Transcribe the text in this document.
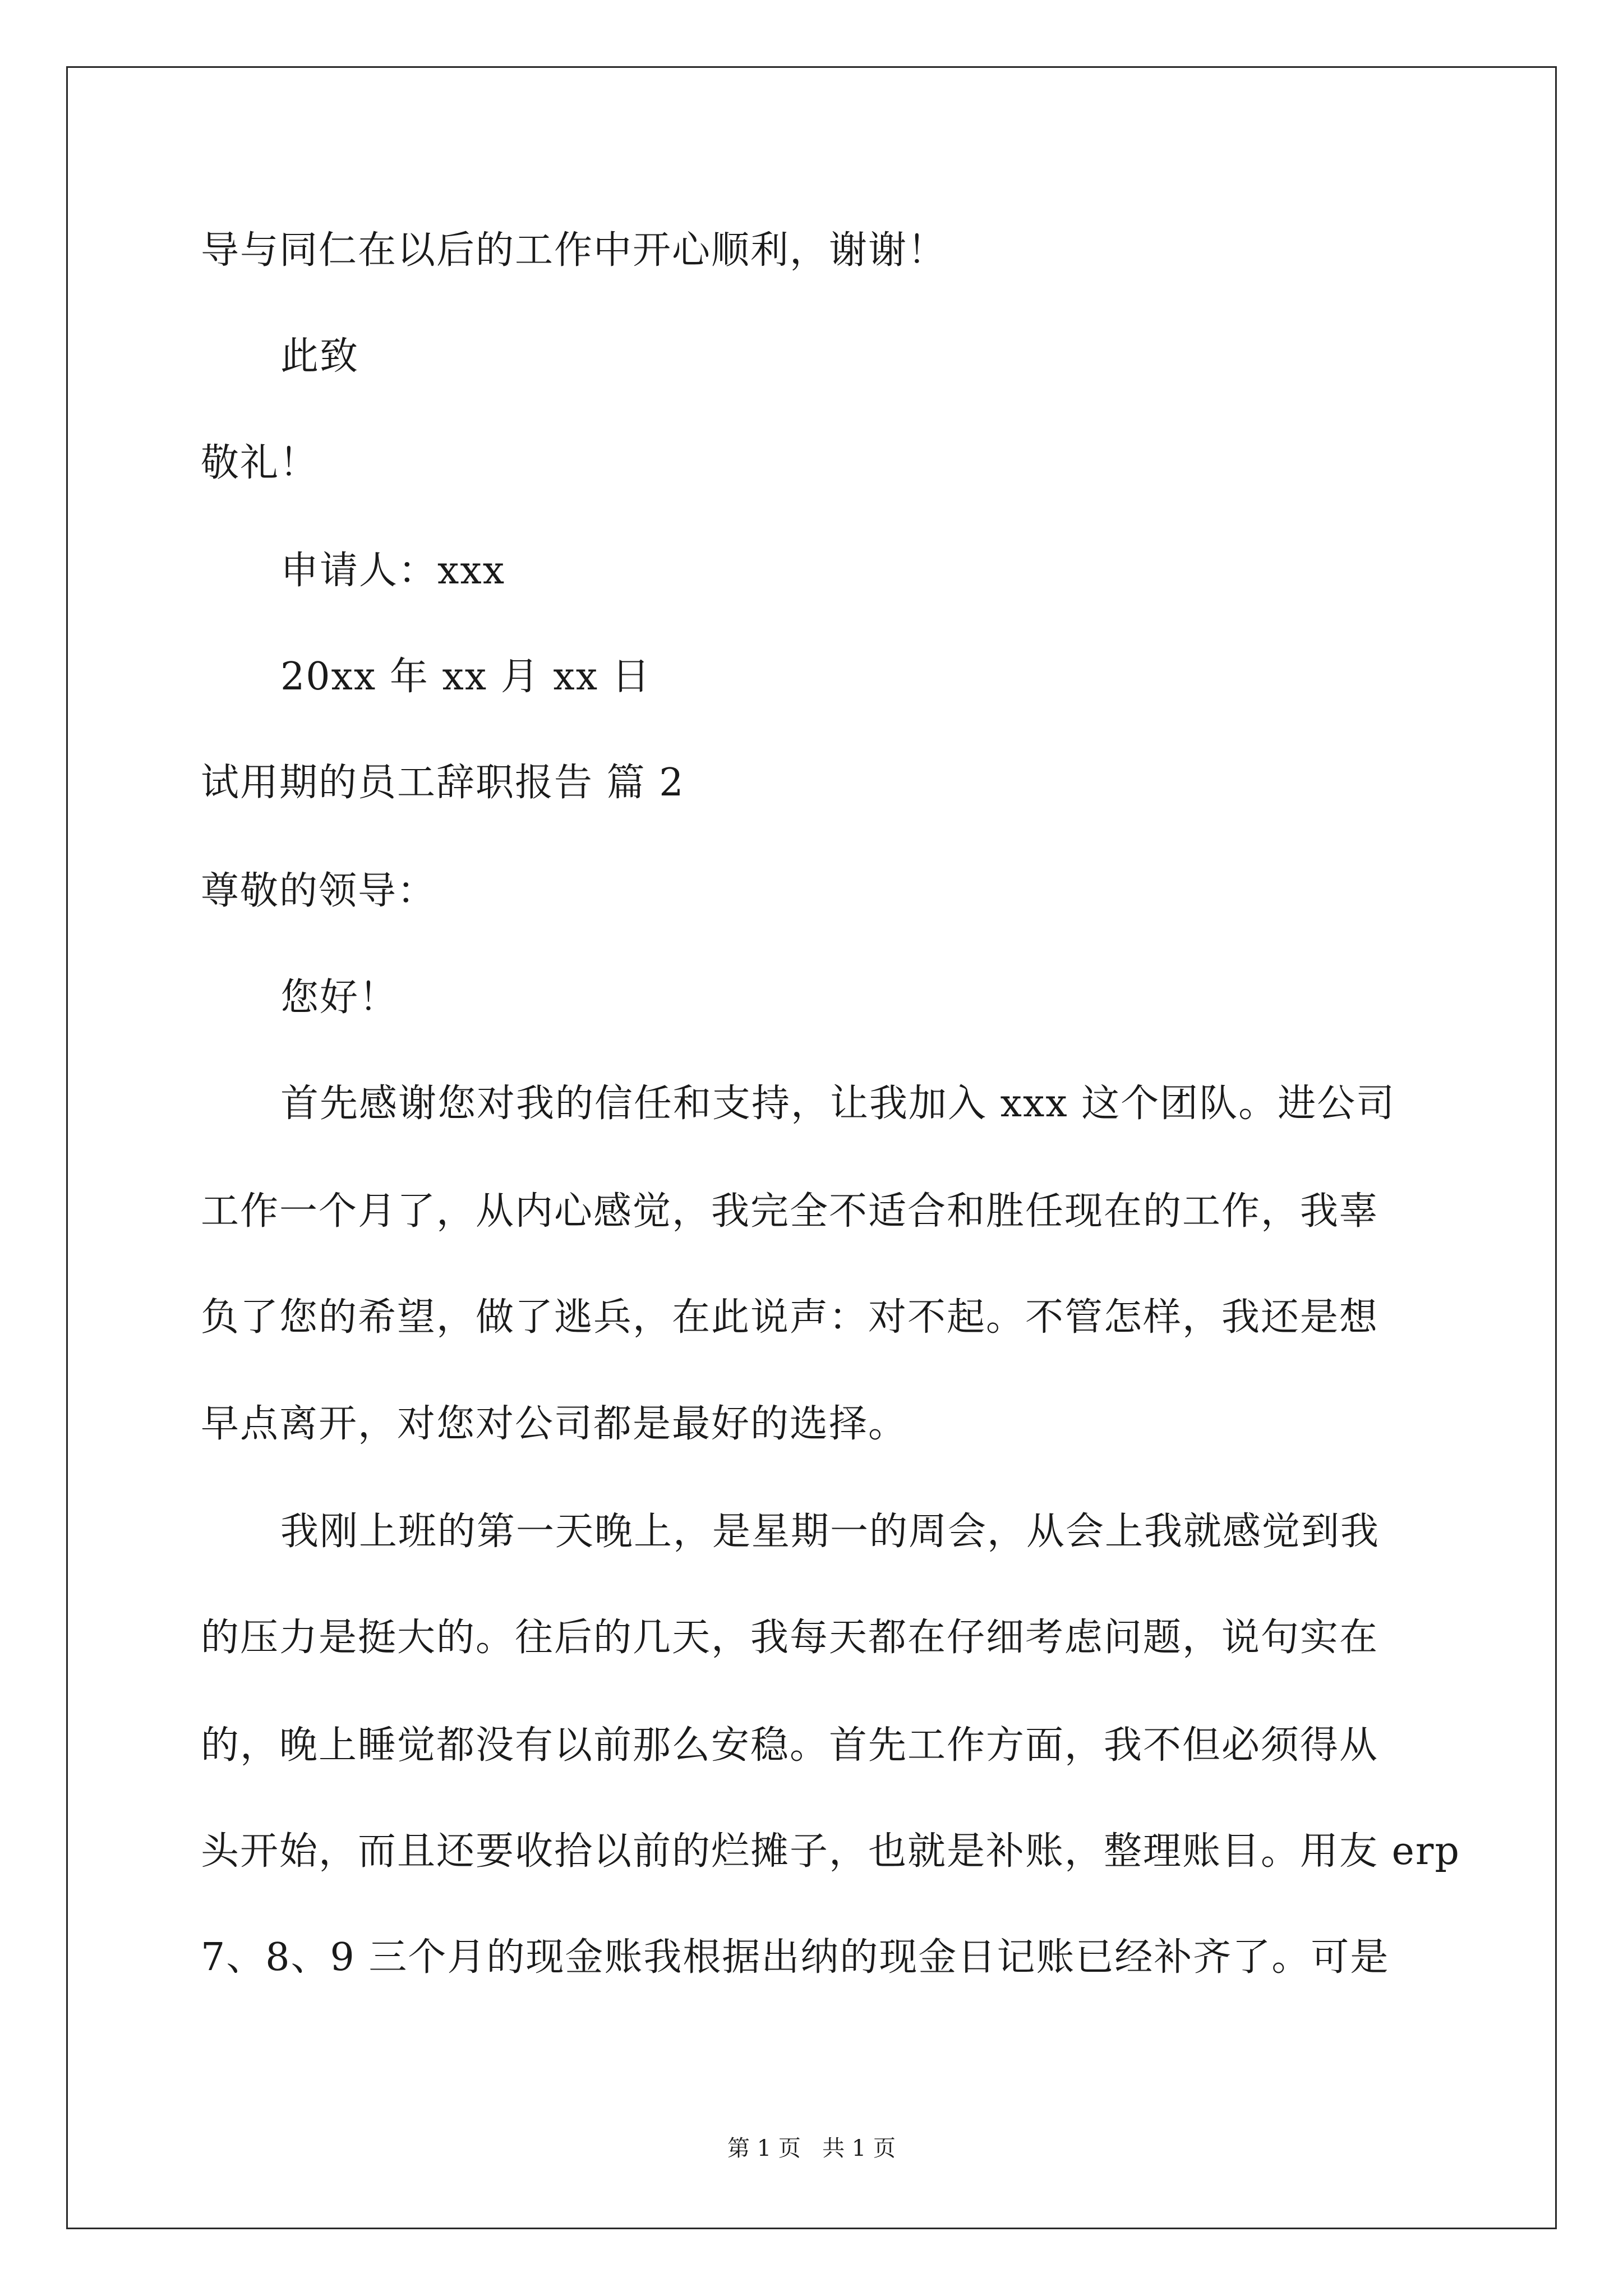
导与同仁在以后的工作中开心顺利，谢谢！
此致
敬礼！
申请人：xxx
20xx 年 xx 月 xx 日
试用期的员工辞职报告 篇 2
尊敬的领导：
您好！
首先感谢您对我的信任和支持，让我加入 xxx 这个团队。进公司
工作一个月了，从内心感觉，我完全不适合和胜任现在的工作，我辜
负了您的希望，做了逃兵，在此说声：对不起。不管怎样，我还是想
早点离开，对您对公司都是最好的选择。
我刚上班的第一天晚上，是星期一的周会，从会上我就感觉到我
的压力是挺大的。往后的几天，我每天都在仔细考虑问题，说句实在
的，晚上睡觉都没有以前那么安稳。首先工作方面，我不但必须得从
头开始，而且还要收拾以前的烂摊子，也就是补账，整理账目。用友 erp
7、8、9 三个月的现金账我根据出纳的现金日记账已经补齐了。可是
第 1 页   共 1 页
